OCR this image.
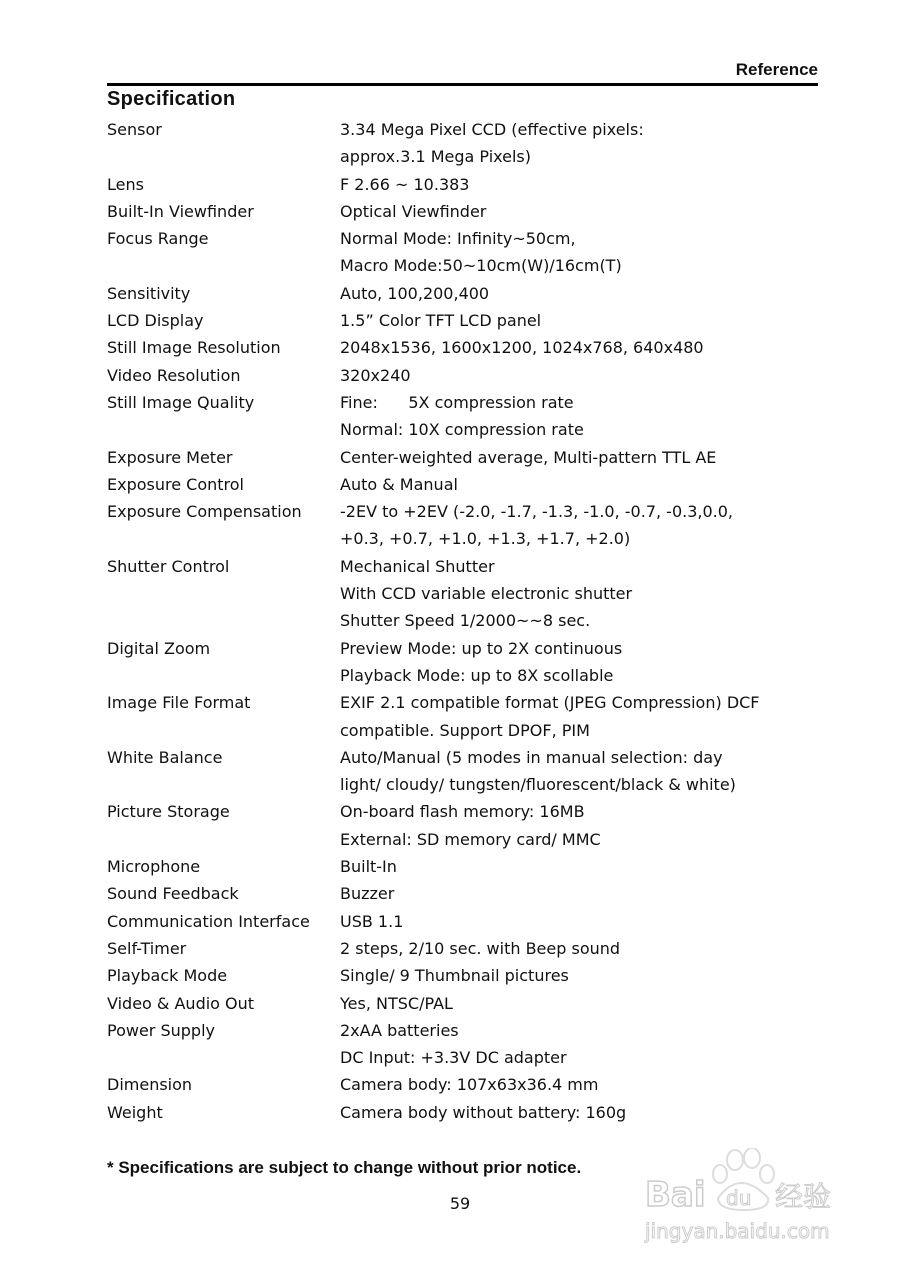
Reference
Specification
Sensor	3.34 Mega Pixel CCD (effective pixels:
approx.3.1 Mega Pixels)
Lens	F 2.66 ~ 10.383
Built-In Viewfinder	Optical Viewfinder
Focus Range	Normal Mode: Infinity~50cm,
Macro Mode:50~10cm(W)/16cm(T)
Sensitivity	Auto, 100,200,400
LCD Display	1.5” Color TFT LCD panel
Still Image Resolution	2048x1536, 1600x1200, 1024x768, 640x480
Video Resolution	320x240
Still Image Quality	Fine:      5X compression rate
Normal: 10X compression rate
Exposure Meter	Center-weighted average, Multi-pattern TTL AE
Exposure Control	Auto & Manual
Exposure Compensation	-2EV to +2EV (-2.0, -1.7, -1.3, -1.0, -0.7, -0.3,0.0,
+0.3, +0.7, +1.0, +1.3, +1.7, +2.0)
Shutter Control	Mechanical Shutter
With CCD variable electronic shutter
Shutter Speed 1/2000~~8 sec.
Digital Zoom	Preview Mode: up to 2X continuous
Playback Mode: up to 8X scollable
Image File Format	EXIF 2.1 compatible format (JPEG Compression) DCF
compatible. Support DPOF, PIM
White Balance	Auto/Manual (5 modes in manual selection: day
light/ cloudy/ tungsten/fluorescent/black & white)
Picture Storage	On-board flash memory: 16MB
External: SD memory card/ MMC
Microphone	Built-In
Sound Feedback	Buzzer
Communication Interface	USB 1.1
Self-Timer	2 steps, 2/10 sec. with Beep sound
Playback Mode	Single/ 9 Thumbnail pictures
Video & Audio Out	Yes, NTSC/PAL
Power Supply	2xAA batteries
DC Input: +3.3V DC adapter
Dimension	Camera body: 107x63x36.4 mm
Weight	Camera body without battery: 160g
* Specifications are subject to change without prior notice.
59	Bai du 经验
jingyan.baidu.com
